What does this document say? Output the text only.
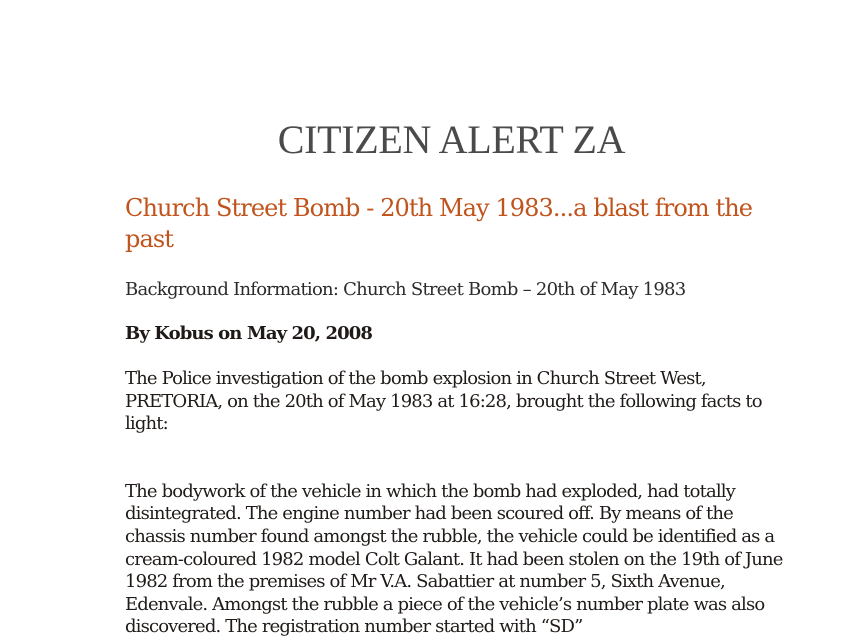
CITIZEN ALERT ZA
Church Street Bomb - 20th May 1983...a blast from the past

Background Information: Church Street Bomb – 20th of May 1983

By Kobus on May 20, 2008

The Police investigation of the bomb explosion in Church Street West, PRETORIA, on the 20th of May 1983 at 16:28, brought the following facts to light:

The bodywork of the vehicle in which the bomb had exploded, had totally disintegrated. The engine number had been scoured off. By means of the chassis number found amongst the rubble, the vehicle could be identified as a cream-coloured 1982 model Colt Galant. It had been stolen on the 19th of June 1982 from the premises of Mr V.A. Sabattier at number 5, Sixth Avenue, Edenvale. Amongst the rubble a piece of the vehicle’s number plate was also discovered. The registration number started with “SD”
